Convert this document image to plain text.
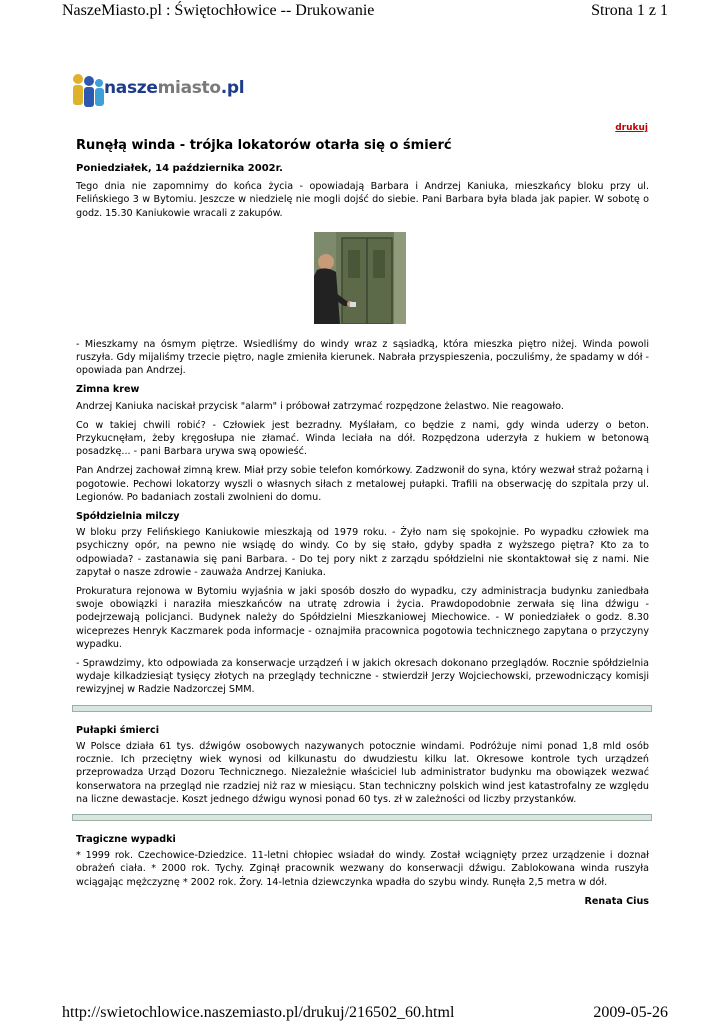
NaszeMiasto.pl : Świętochłowice -- Drukowanie	Strona 1 z 1
naszemiasto.pl
drukuj
Runęłą winda - trójka lokatorów otarła się o śmierć
Poniedziałek, 14 października 2002r.

Tego dnia nie zapomnimy do końca życia - opowiadają Barbara i Andrzej Kaniuka, mieszkańcy bloku przy ul. Felińskiego 3 w Bytomiu. Jeszcze w niedzielę nie mogli dojść do siebie. Pani Barbara była blada jak papier. W sobotę o godz. 15.30 Kaniukowie wracali z zakupów.

- Mieszkamy na ósmym piętrze. Wsiedliśmy do windy wraz z sąsiadką, która mieszka piętro niżej. Winda powoli ruszyła. Gdy mijaliśmy trzecie piętro, nagle zmieniła kierunek. Nabrała przyspieszenia, poczuliśmy, że spadamy w dół - opowiada pan Andrzej.

Zimna krew

Andrzej Kaniuka naciskał przycisk "alarm" i próbował zatrzymać rozpędzone żelastwo. Nie reagowało.

Co w takiej chwili robić? - Człowiek jest bezradny. Myślałam, co będzie z nami, gdy winda uderzy o beton. Przykucnęłam, żeby kręgosłupa nie złamać. Winda leciała na dół. Rozpędzona uderzyła z hukiem w betonową posadzkę... - pani Barbara urywa swą opowieść.

Pan Andrzej zachował zimną krew. Miał przy sobie telefon komórkowy. Zadzwonił do syna, który wezwał straż pożarną i pogotowie. Pechowi lokatorzy wyszli o własnych siłach z metalowej pułapki. Trafili na obserwację do szpitala przy ul. Legionów. Po badaniach zostali zwolnieni do domu.

Spółdzielnia milczy

W bloku przy Felińskiego Kaniukowie mieszkają od 1979 roku. - Żyło nam się spokojnie. Po wypadku człowiek ma psychiczny opór, na pewno nie wsiądę do windy. Co by się stało, gdyby spadła z wyższego piętra? Kto za to odpowiada? - zastanawia się pani Barbara. - Do tej pory nikt z zarządu spółdzielni nie skontaktował się z nami. Nie zapytał o nasze zdrowie - zauważa Andrzej Kaniuka.

Prokuratura rejonowa w Bytomiu wyjaśnia w jaki sposób doszło do wypadku, czy administracja budynku zaniedbała swoje obowiązki i naraziła mieszkańców na utratę zdrowia i życia. Prawdopodobnie zerwała się lina dźwigu - podejrzewają policjanci. Budynek należy do Spółdzielni Mieszkaniowej Miechowice. - W poniedziałek o godz. 8.30 wiceprezes Henryk Kaczmarek poda informacje - oznajmiła pracownica pogotowia technicznego zapytana o przyczyny wypadku.

- Sprawdzimy, kto odpowiada za konserwacje urządzeń i w jakich okresach dokonano przeglądów. Rocznie spółdzielnia wydaje kilkadziesiąt tysięcy złotych na przeglądy techniczne - stwierdził Jerzy Wojciechowski, przewodniczący komisji rewizyjnej w Radzie Nadzorczej SMM.

Pułapki śmierci

W Polsce działa 61 tys. dźwigów osobowych nazywanych potocznie windami. Podróżuje nimi ponad 1,8 mld osób rocznie. Ich przeciętny wiek wynosi od kilkunastu do dwudziestu kilku lat. Okresowe kontrole tych urządzeń przeprowadza Urząd Dozoru Technicznego. Niezależnie właściciel lub administrator budynku ma obowiązek wezwać konserwatora na przegląd nie rzadziej niż raz w miesiącu. Stan techniczny polskich wind jest katastrofalny ze względu na liczne dewastacje. Koszt jednego dźwigu wynosi ponad 60 tys. zł w zależności od liczby przystanków.

Tragiczne wypadki

* 1999 rok. Czechowice-Dziedzice. 11-letni chłopiec wsiadał do windy. Został wciągnięty przez urządzenie i doznał obrażeń ciała. * 2000 rok. Tychy. Zginął pracownik wezwany do konserwacji dźwigu. Zablokowana winda ruszyła wciągając mężczyznę * 2002 rok. Żory. 14-letnia dziewczynka wpadła do szybu windy. Runęła 2,5 metra w dół.

Renata Cius
http://swietochlowice.naszemiasto.pl/drukuj/216502_60.html	2009-05-26
